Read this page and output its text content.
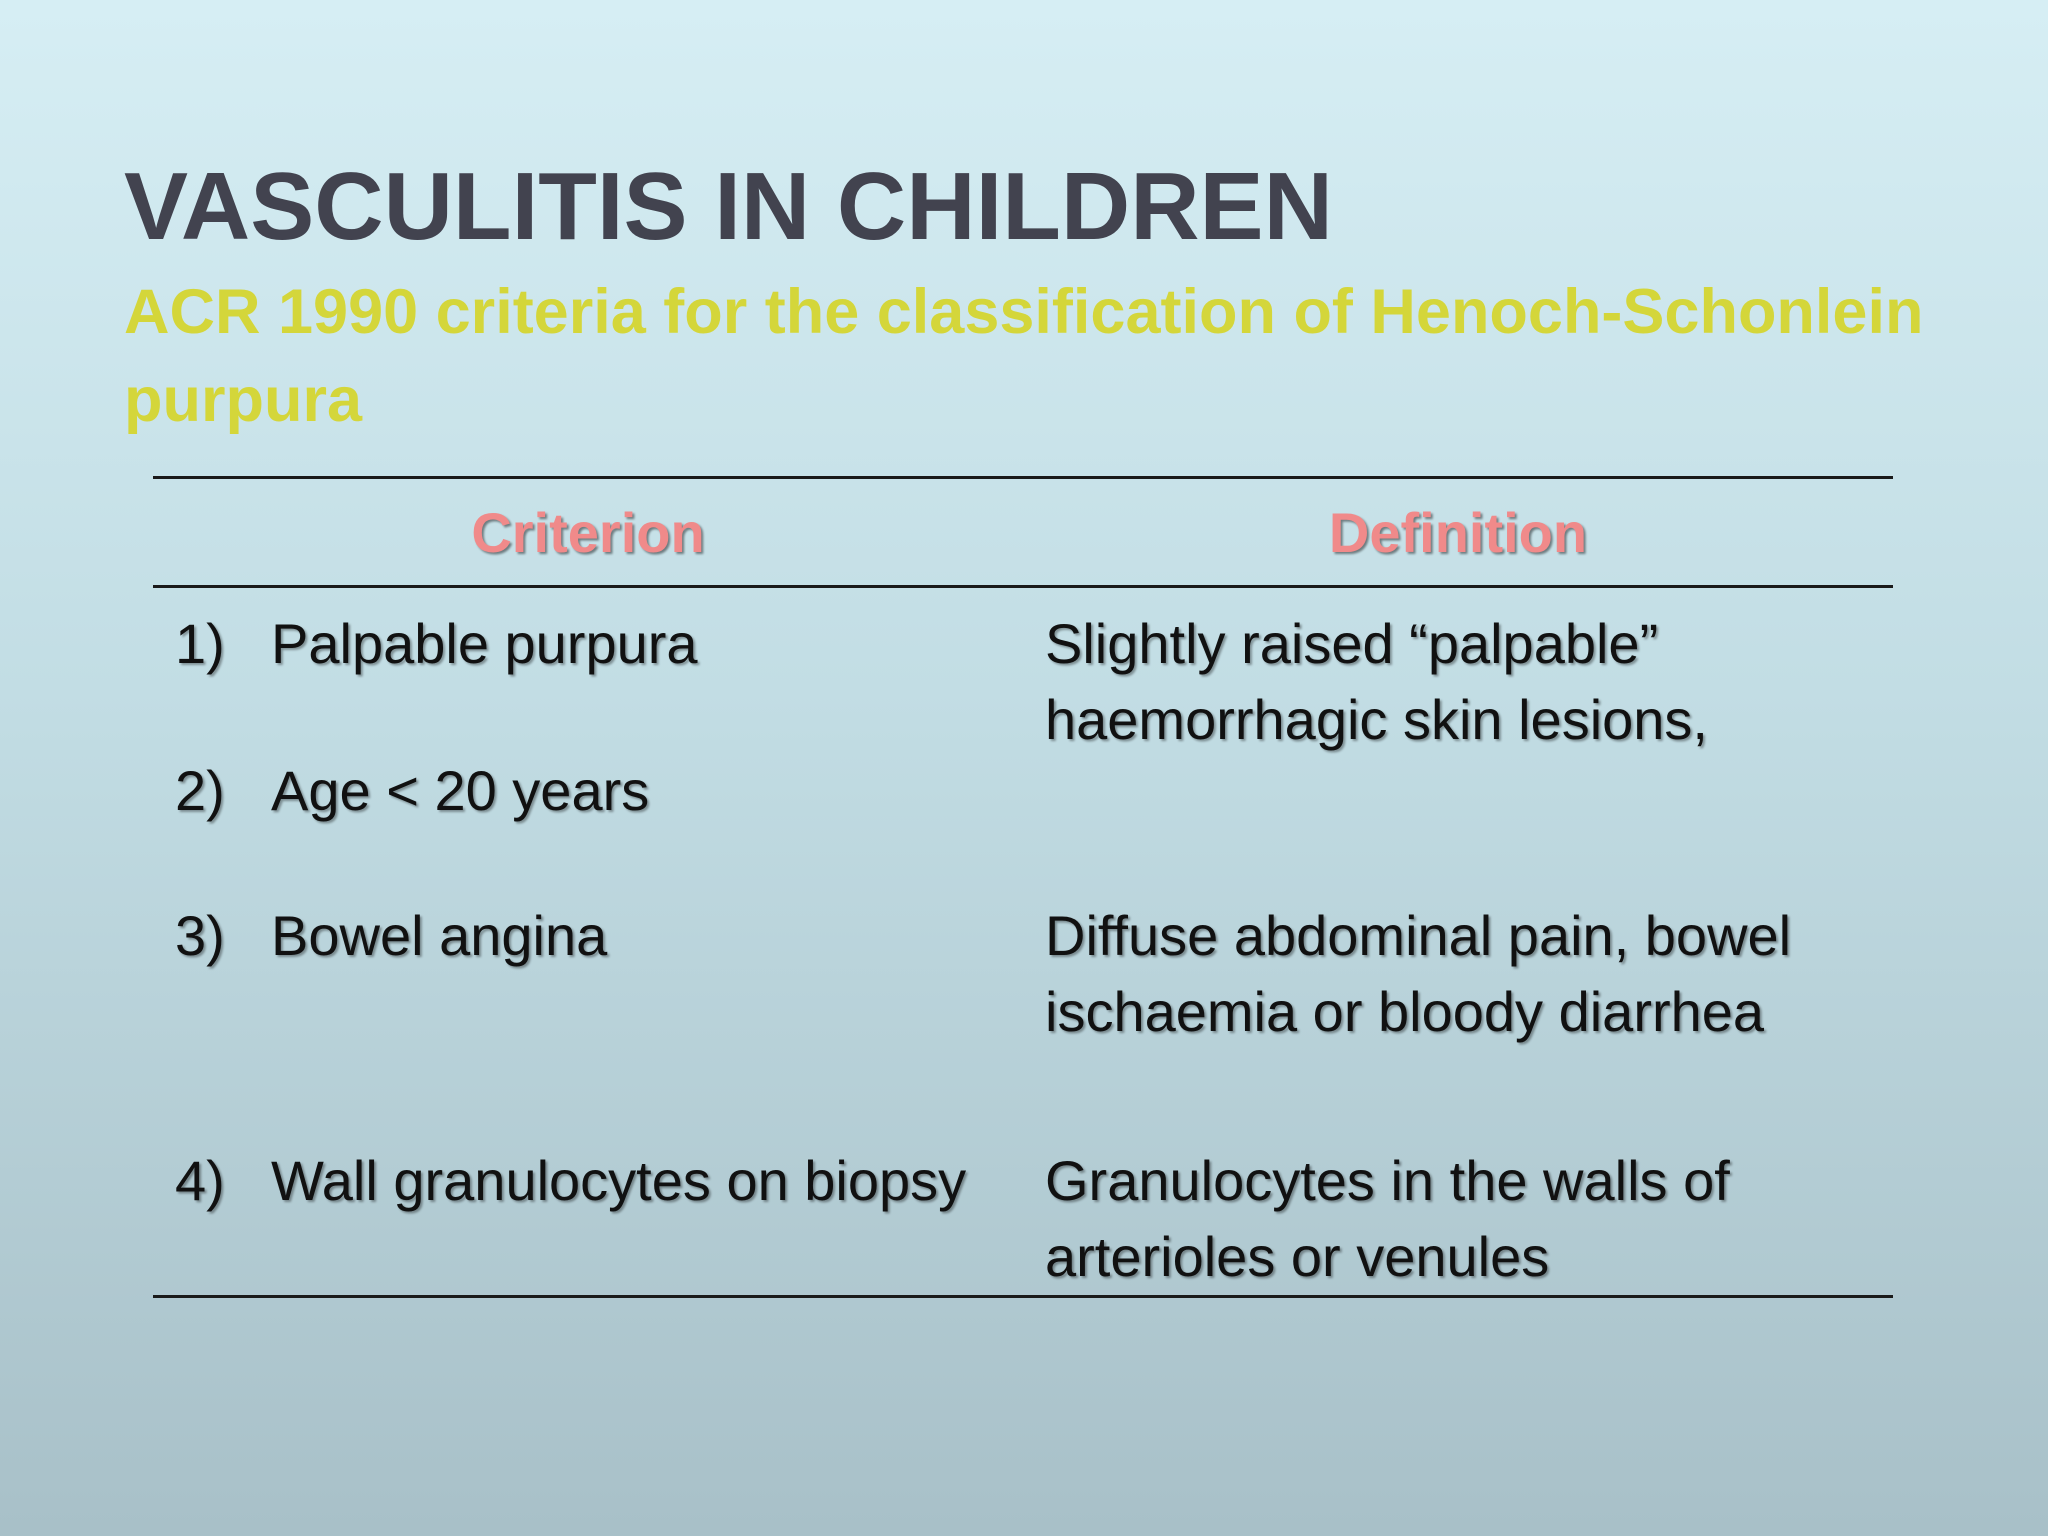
VASCULITIS IN CHILDREN
ACR 1990 criteria for the classification of Henoch-Schonlein purpura
Criterion	Definition
1) Palpable purpura	Slightly raised “palpable” haemorrhagic skin lesions,
2) Age < 20 years
3) Bowel angina	Diffuse abdominal pain, bowel ischaemia or bloody diarrhea
4) Wall granulocytes on biopsy	Granulocytes in the walls of arterioles or venules
